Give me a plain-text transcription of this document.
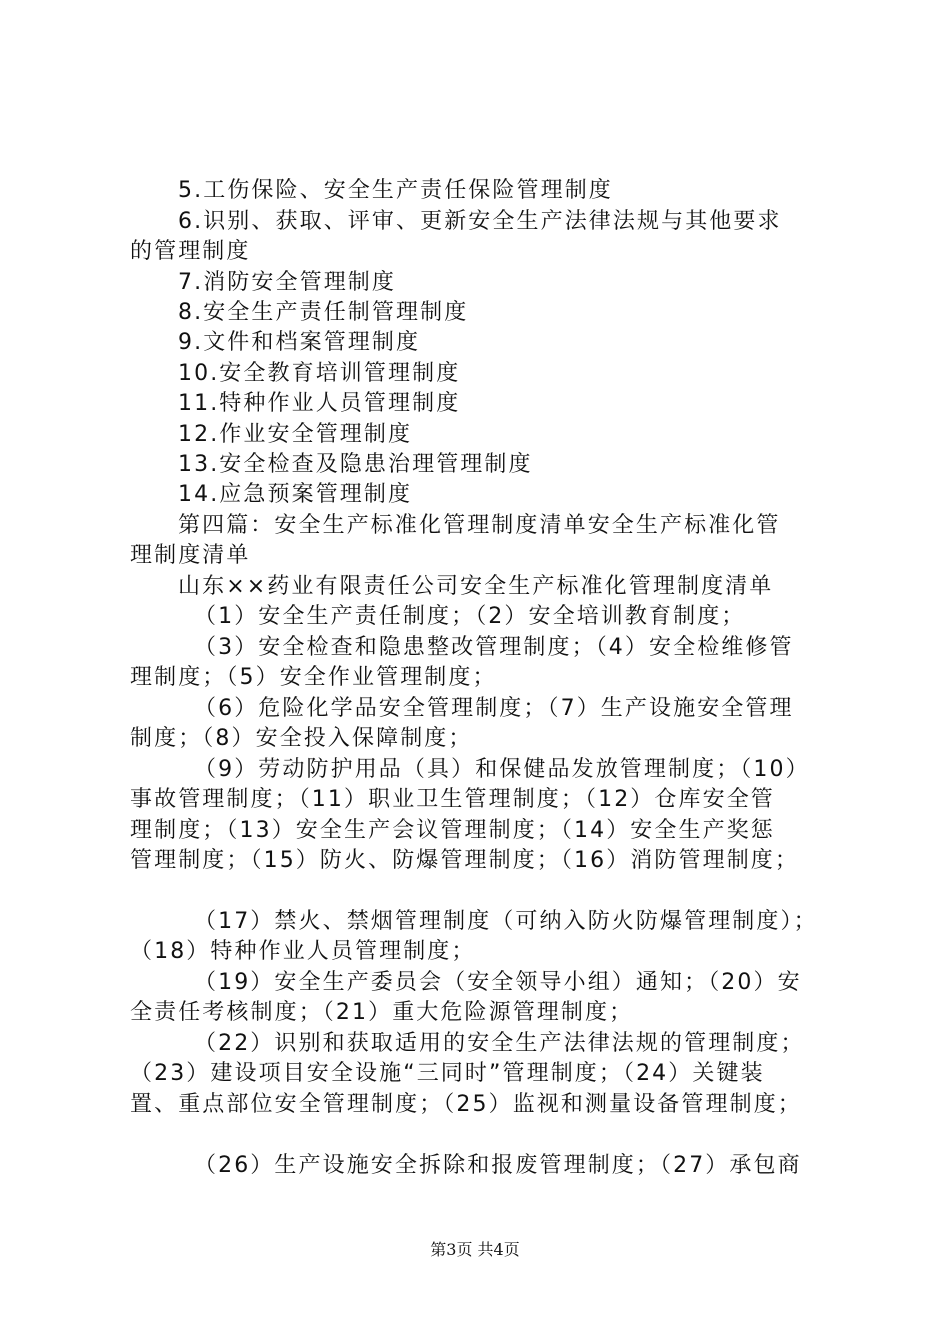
5.工伤保险、安全生产责任保险管理制度
6.识别、获取、评审、更新安全生产法律法规与其他要求
的管理制度
7.消防安全管理制度
8.安全生产责任制管理制度
9.文件和档案管理制度
10.安全教育培训管理制度
11.特种作业人员管理制度
12.作业安全管理制度
13.安全检查及隐患治理管理制度
14.应急预案管理制度
第四篇：安全生产标准化管理制度清单安全生产标准化管
理制度清单
山东××药业有限责任公司安全生产标准化管理制度清单
（1）安全生产责任制度；（2）安全培训教育制度；
（3）安全检查和隐患整改管理制度；（4）安全检维修管
理制度；（5）安全作业管理制度；
（6）危险化学品安全管理制度；（7）生产设施安全管理
制度；（8）安全投入保障制度；
（9）劳动防护用品（具）和保健品发放管理制度；（10）
事故管理制度；（11）职业卫生管理制度；（12）仓库安全管
理制度；（13）安全生产会议管理制度；（14）安全生产奖惩
管理制度；（15）防火、防爆管理制度；（16）消防管理制度；
（17）禁火、禁烟管理制度（可纳入防火防爆管理制度）；
（18）特种作业人员管理制度；
（19）安全生产委员会（安全领导小组）通知；（20）安
全责任考核制度；（21）重大危险源管理制度；
（22）识别和获取适用的安全生产法律法规的管理制度；
（23）建设项目安全设施“三同时”管理制度；（24）关键装
置、重点部位安全管理制度；（25）监视和测量设备管理制度；
（26）生产设施安全拆除和报废管理制度；（27）承包商
第3页 共4页
